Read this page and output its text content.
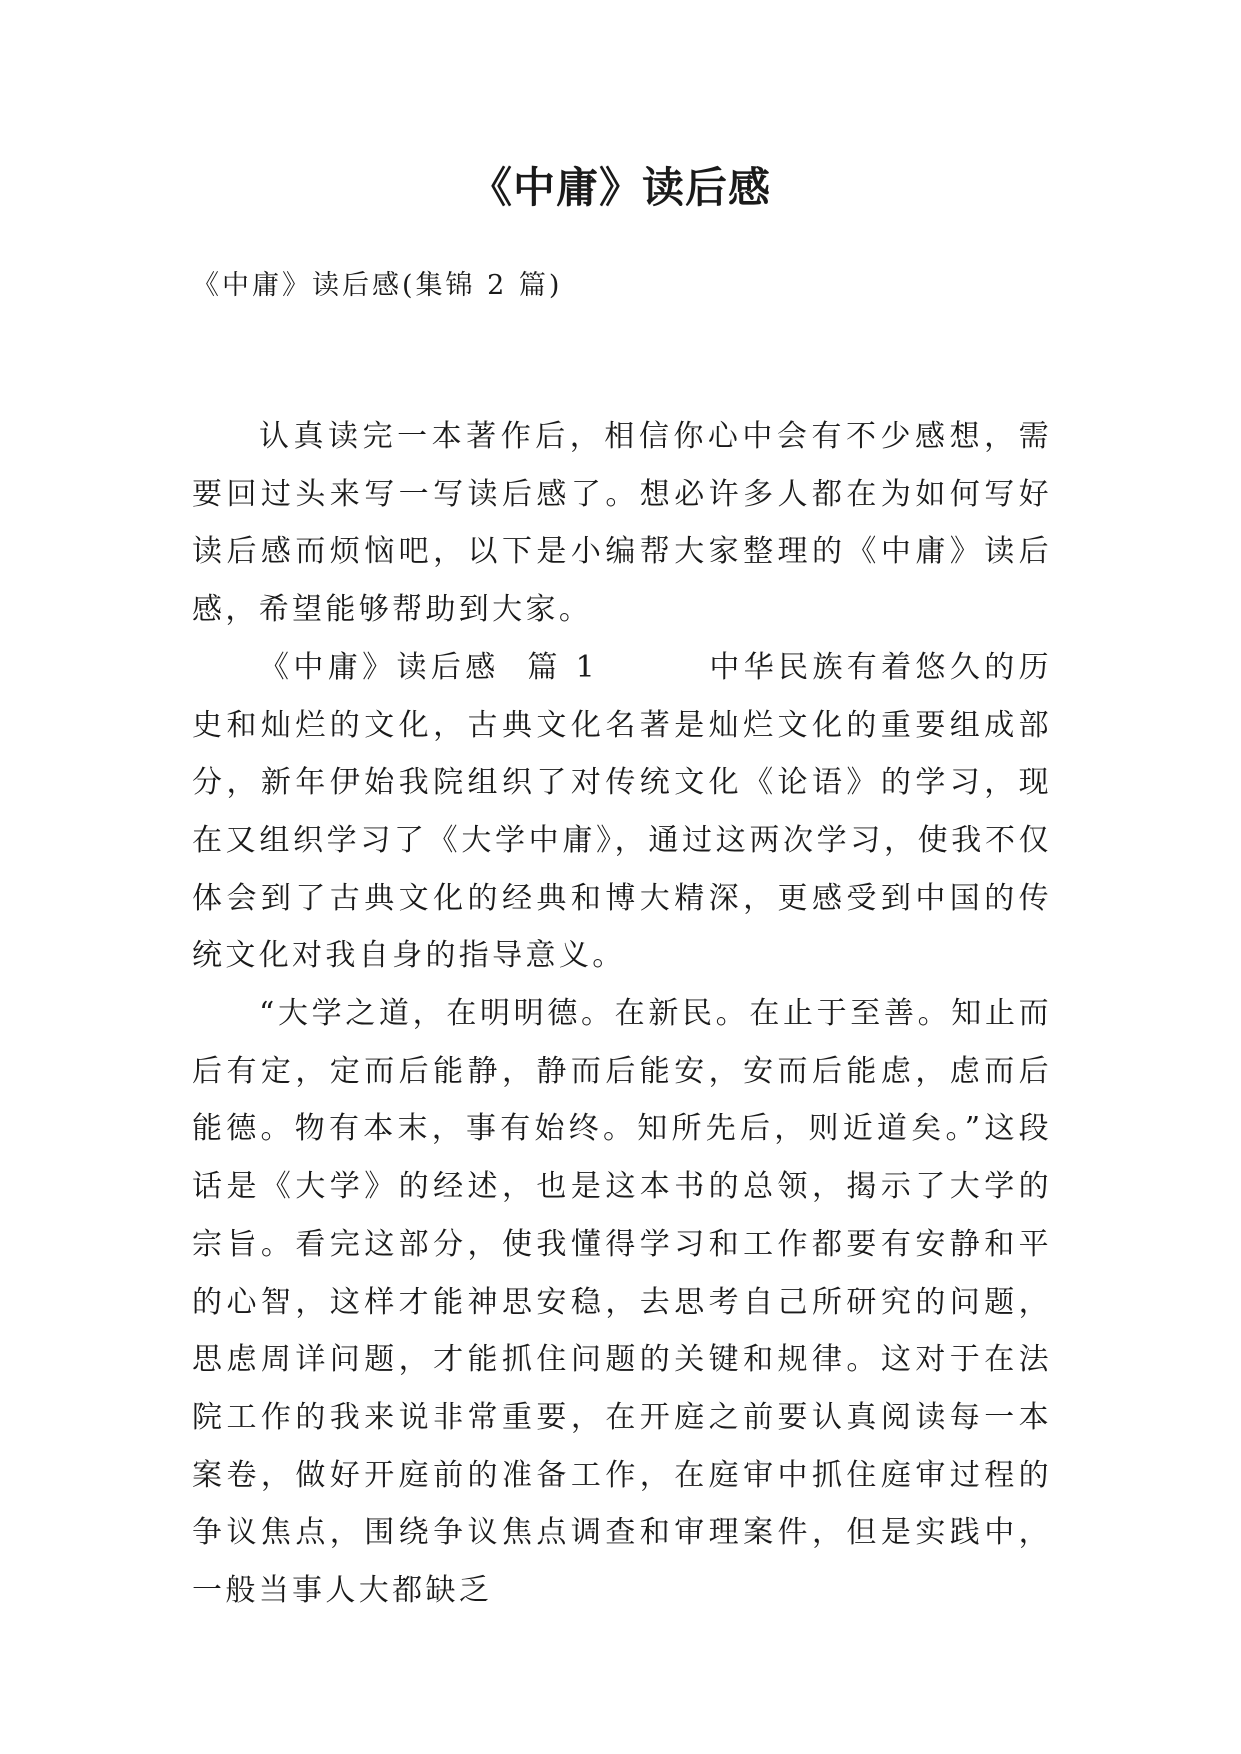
《中庸》读后感

《中庸》读后感(集锦 2 篇)

认真读完一本著作后，相信你心中会有不少感想，需要回过头来写一写读后感了。想必许多人都在为如何写好读后感而烦恼吧，以下是小编帮大家整理的《中庸》读后感，希望能够帮助到大家。

《中庸》读后感  篇 1        中华民族有着悠久的历史和灿烂的文化，古典文化名著是灿烂文化的重要组成部分，新年伊始我院组织了对传统文化《论语》的学习，现在又组织学习了《大学中庸》，通过这两次学习，使我不仅体会到了古典文化的经典和博大精深，更感受到中国的传统文化对我自身的指导意义。

“大学之道，在明明德。在新民。在止于至善。知止而后有定，定而后能静，静而后能安，安而后能虑，虑而后能德。物有本末，事有始终。知所先后，则近道矣。”这段话是《大学》的经述，也是这本书的总领，揭示了大学的宗旨。看完这部分，使我懂得学习和工作都要有安静和平的心智，这样才能神思安稳，去思考自己所研究的问题，思虑周详问题，才能抓住问题的关键和规律。这对于在法院工作的我来说非常重要，在开庭之前要认真阅读每一本案卷，做好开庭前的准备工作，在庭审中抓住庭审过程的争议焦点，围绕争议焦点调查和审理案件，但是实践中，一般当事人大都缺乏
